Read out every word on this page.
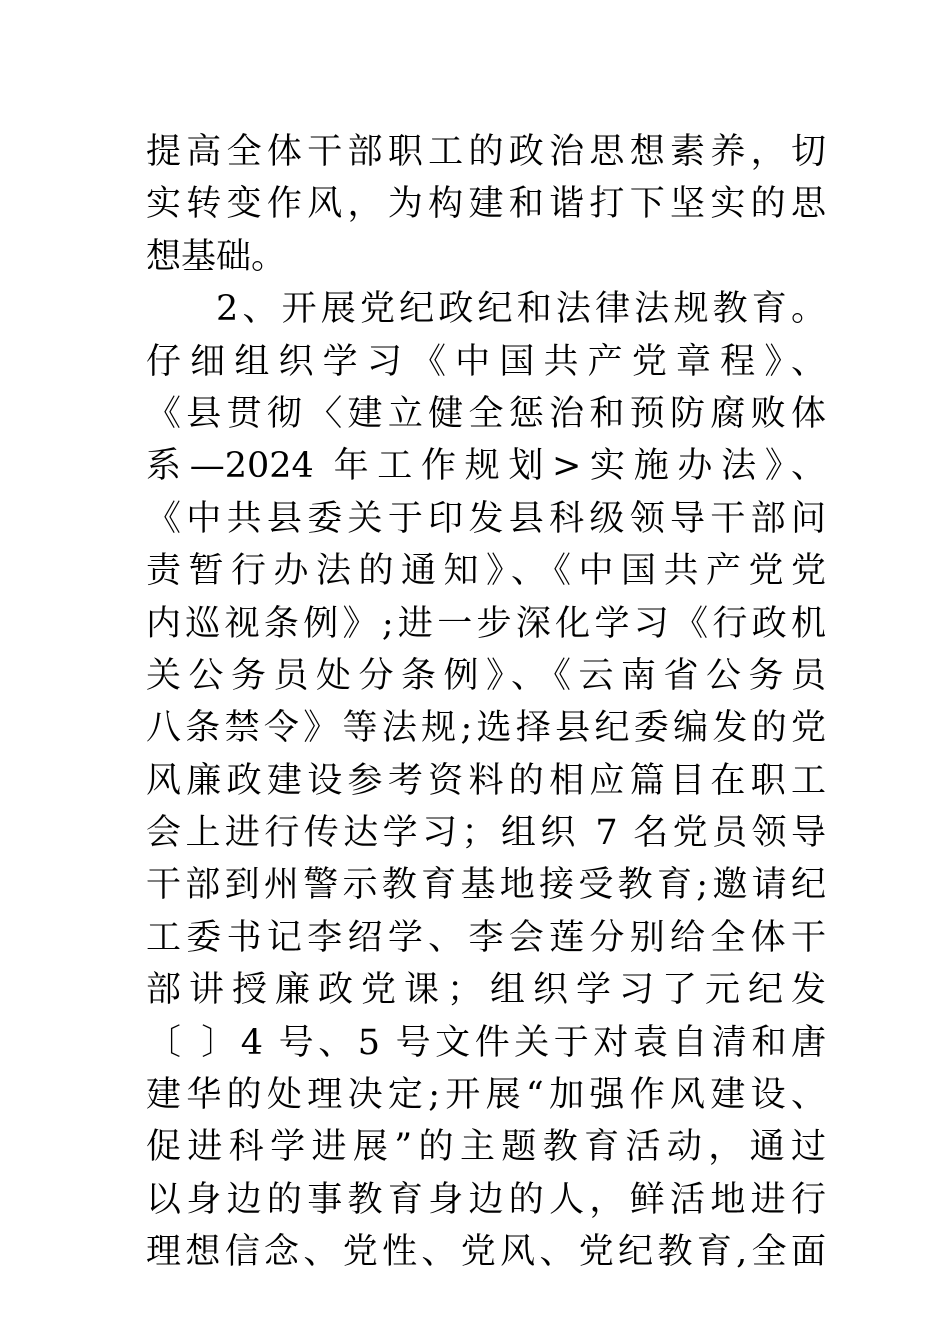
提高全体干部职工的政治思想素养，切
实转变作风，为构建和谐打下坚实的思
想基础。
2、开展党纪政纪和法律法规教育。
仔细组织学习《中国共产党章程》、
《县贯彻〈建立健全惩治和预防腐败体
系—2024 年工作规划>实施办法》、
《中共县委关于印发县科级领导干部问
责暂行办法的通知》、《中国共产党党
内巡视条例》;进一步深化学习《行政机
关公务员处分条例》、《云南省公务员
八条禁令》等法规;选择县纪委编发的党
风廉政建设参考资料的相应篇目在职工
会上进行传达学习；组织 7 名党员领导
干部到州警示教育基地接受教育;邀请纪
工委书记李绍学、李会莲分别给全体干
部讲授廉政党课；组织学习了元纪发
〔 〕4 号、5 号文件关于对袁自清和唐
建华的处理决定;开展“加强作风建设、
促进科学进展”的主题教育活动，通过
以身边的事教育身边的人，鲜活地进行
理想信念、党性、党风、党纪教育,全面
